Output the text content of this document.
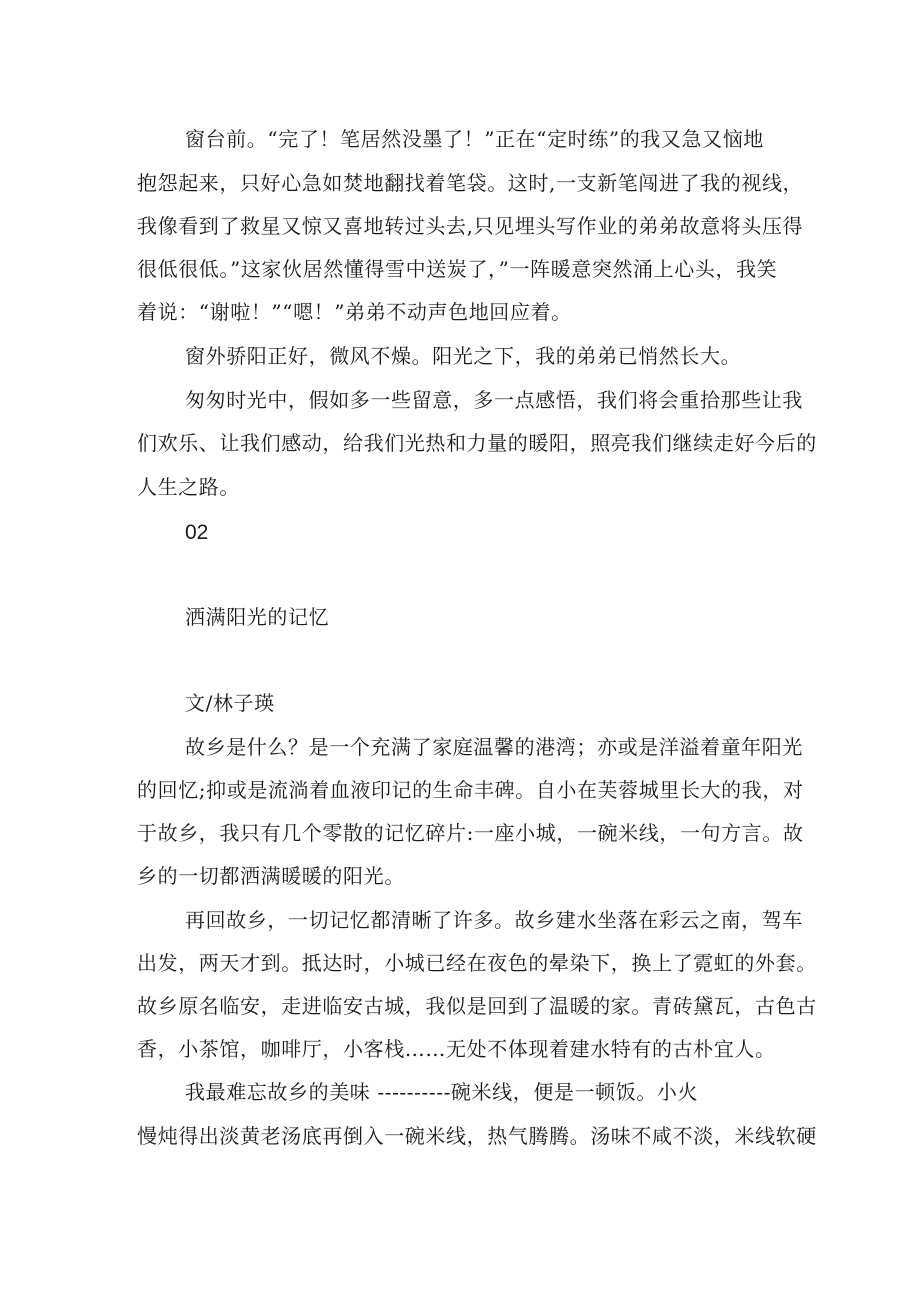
窗台前。“完了！笔居然没墨了！”正在“定时练”的我又急又恼地
抱怨起来，只好心急如焚地翻找着笔袋。这时,一支新笔闯进了我的视线，
我像看到了救星又惊又喜地转过头去,只见埋头写作业的弟弟故意将头压得
很低很低。”这家伙居然懂得雪中送炭了，”一阵暖意突然涌上心头，我笑
着说：“谢啦！”“嗯！”弟弟不动声色地回应着。
窗外骄阳正好，微风不燥。阳光之下，我的弟弟已悄然长大。
匆匆时光中，假如多一些留意，多一点感悟，我们将会重拾那些让我
们欢乐、让我们感动，给我们光热和力量的暖阳，照亮我们继续走好今后的
人生之路。
02
洒满阳光的记忆
文/林子瑛
故乡是什么？是一个充满了家庭温馨的港湾；亦或是洋溢着童年阳光
的回忆;抑或是流淌着血液印记的生命丰碑。自小在芙蓉城里长大的我，对
于故乡，我只有几个零散的记忆碎片:一座小城，一碗米线，一句方言。故
乡的一切都洒满暖暖的阳光。
再回故乡，一切记忆都清晰了许多。故乡建水坐落在彩云之南，驾车
出发，两天才到。抵达时，小城已经在夜色的晕染下，换上了霓虹的外套。
故乡原名临安，走进临安古城，我似是回到了温暖的家。青砖黛瓦，古色古
香，小茶馆，咖啡厅，小客栈……无处不体现着建水特有的古朴宜人。
我最难忘故乡的美味 ----------碗米线，便是一顿饭。小火
慢炖得出淡黄老汤底再倒入一碗米线，热气腾腾。汤味不咸不淡，米线软硬
